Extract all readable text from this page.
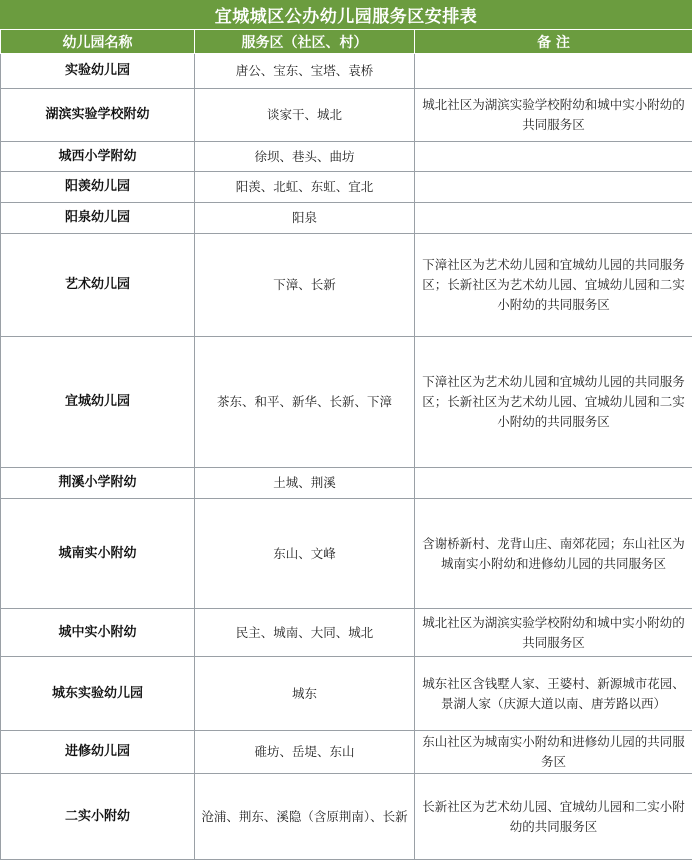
宜城城区公办幼儿园服务区安排表
幼儿园名称	服务区（社区、村）	备 注
实验幼儿园	唐公、宝东、宝塔、袁桥	
湖滨实验学校附幼	谈家干、城北	城北社区为湖滨实验学校附幼和城中实小附幼的共同服务区
城西小学附幼	徐坝、巷头、曲坊	
阳羡幼儿园	阳羡、北虹、东虹、宜北	
阳泉幼儿园	阳泉	
艺术幼儿园	下漳、长新	下漳社区为艺术幼儿园和宜城幼儿园的共同服务区；长新社区为艺术幼儿园、宜城幼儿园和二实小附幼的共同服务区
宜城幼儿园	茶东、和平、新华、长新、下漳	下漳社区为艺术幼儿园和宜城幼儿园的共同服务区；长新社区为艺术幼儿园、宜城幼儿园和二实小附幼的共同服务区
荆溪小学附幼	土城、荆溪	
城南实小附幼	东山、文峰	含谢桥新村、龙背山庄、南郊花园；东山社区为城南实小附幼和进修幼儿园的共同服务区
城中实小附幼	民主、城南、大同、城北	城北社区为湖滨实验学校附幼和城中实小附幼的共同服务区
城东实验幼儿园	城东	城东社区含钱墅人家、王婆村、新源城市花园、景湖人家（庆源大道以南、唐芳路以西）
进修幼儿园	碓坊、岳堤、东山	东山社区为城南实小附幼和进修幼儿园的共同服务区
二实小附幼	沧浦、荆东、溪隐（含原荆南）、长新	长新社区为艺术幼儿园、宜城幼儿园和二实小附幼的共同服务区
